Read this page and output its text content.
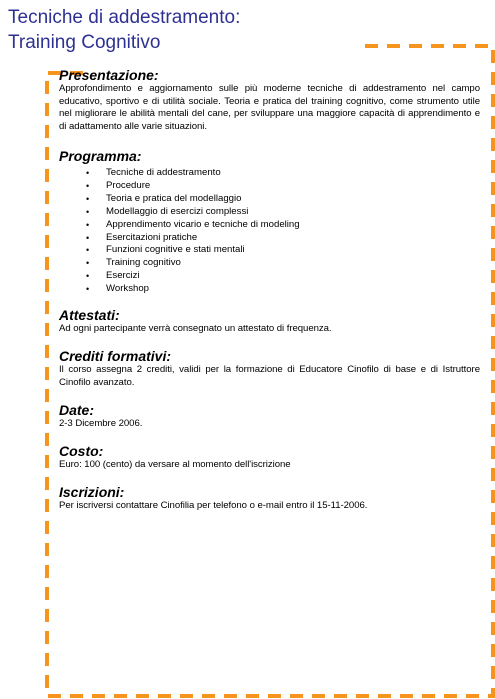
Tecniche di addestramento:
Training Cognitivo
Presentazione:

Approfondimento e aggiornamento sulle più moderne tecniche di addestramento nel campo educativo, sportivo e di utilità sociale. Teoria e pratica del training cognitivo, come strumento utile nel migliorare le abilità mentali del cane, per sviluppare una maggiore capacità di apprendimento e di adattamento alle varie situazioni.

Programma:
• Tecniche di addestramento
• Procedure
• Teoria e pratica del modellaggio
• Modellaggio di esercizi complessi
• Apprendimento vicario e tecniche di modeling
• Esercitazioni pratiche
• Funzioni cognitive e stati mentali
• Training cognitivo
• Esercizi
• Workshop
Attestati:

Ad ogni partecipante verrà consegnato un attestato di frequenza.

Crediti formativi:

Il corso assegna 2 crediti, validi per la formazione di Educatore Cinofilo di base e di Istruttore Cinofilo avanzato.

Date:

2-3 Dicembre 2006.

Costo:

Euro: 100 (cento) da versare al momento dell'iscrizione

Iscrizioni:

Per iscriversi contattare Cinofilia per telefono o e-mail entro il 15-11-2006.
